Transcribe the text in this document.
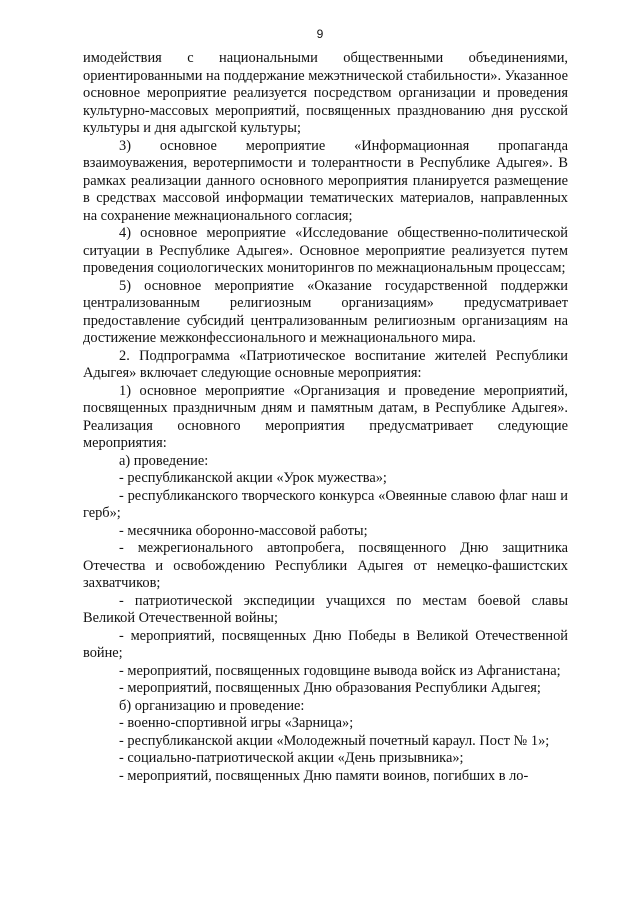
9

имодействия с национальными общественными объединениями, ориентированными на поддержание межэтнической стабильности». Указанное основное мероприятие реализуется посредством организации и проведения культурно-массовых мероприятий, посвященных празднованию дня русской культуры и дня адыгской культуры;

3) основное мероприятие «Информационная пропаганда взаимоуважения, веротерпимости и толерантности в Республике Адыгея». В рамках реализации данного основного мероприятия планируется размещение в средствах массовой информации тематических материалов, направленных на сохранение межнационального согласия;

4) основное мероприятие «Исследование общественно-политической ситуации в Республике Адыгея». Основное мероприятие реализуется путем проведения социологических мониторингов по межнациональным процессам;

5) основное мероприятие «Оказание государственной поддержки централизованным религиозным организациям» предусматривает предоставление субсидий централизованным религиозным организациям на достижение межконфессионального и межнационального мира.

2. Подпрограмма «Патриотическое воспитание жителей Республики Адыгея» включает следующие основные мероприятия:

1) основное мероприятие «Организация и проведение мероприятий, посвященных праздничным дням и памятным датам, в Республике Адыгея». Реализация основного мероприятия предусматривает следующие мероприятия:

а) проведение:

- республиканской акции «Урок мужества»;

- республиканского творческого конкурса «Овеянные славою флаг наш и герб»;

- месячника оборонно-массовой работы;

- межрегионального автопробега, посвященного Дню защитника Отечества и освобождению Республики Адыгея от немецко-фашистских захватчиков;

- патриотической экспедиции учащихся по местам боевой славы Великой Отечественной войны;

- мероприятий, посвященных Дню Победы в Великой Отечественной войне;

- мероприятий, посвященных годовщине вывода войск из Афганистана;

- мероприятий, посвященных Дню образования Республики Адыгея;

б) организацию и проведение:

- военно-спортивной игры «Зарница»;

- республиканской акции «Молодежный почетный караул. Пост № 1»;

- социально-патриотической акции «День призывника»;

- мероприятий, посвященных Дню памяти воинов, погибших в ло-
